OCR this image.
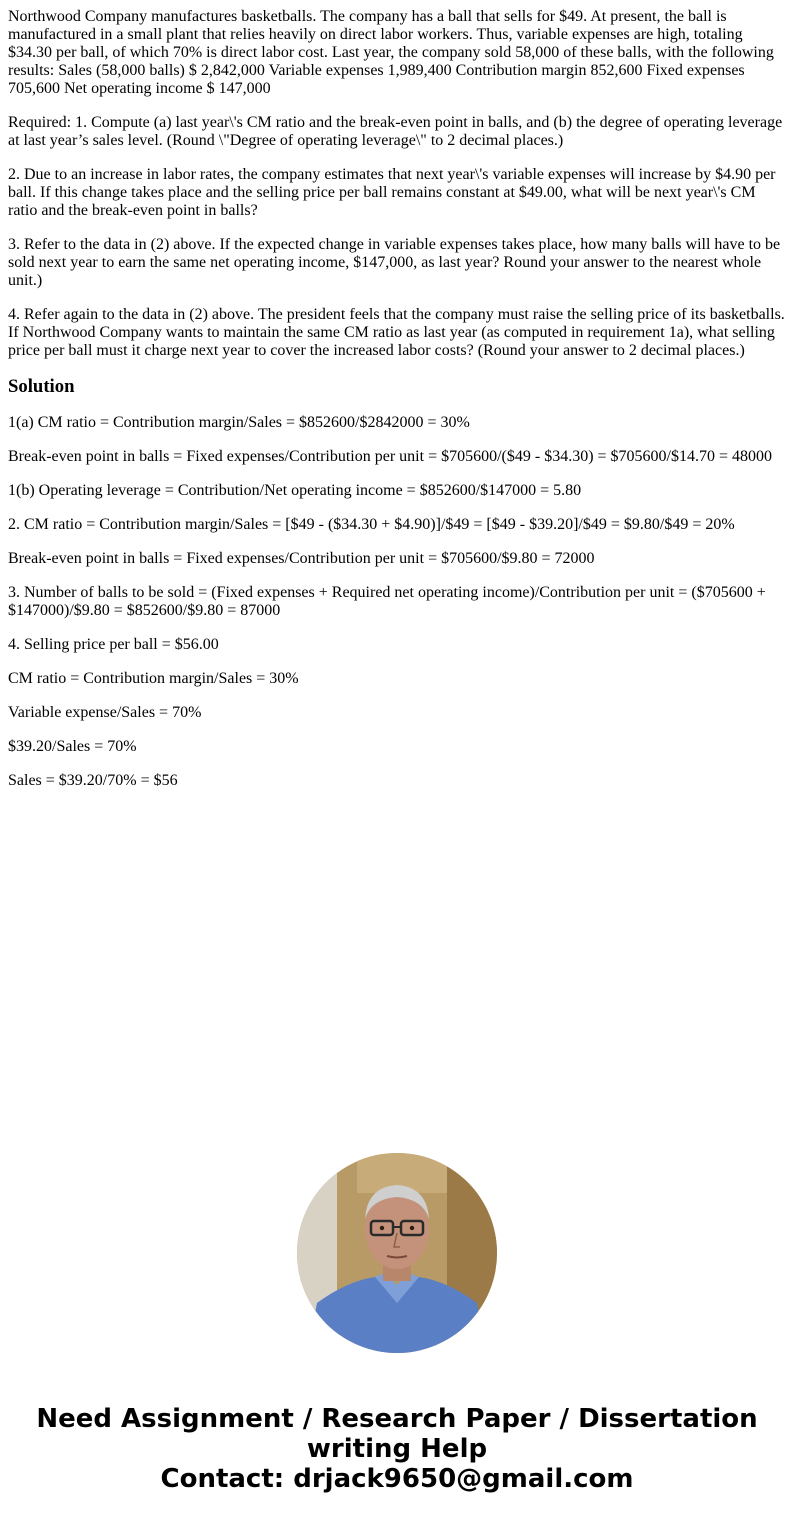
Northwood Company manufactures basketballs. The company has a ball that sells for $49. At present, the ball is manufactured in a small plant that relies heavily on direct labor workers. Thus, variable expenses are high, totaling $34.30 per ball, of which 70% is direct labor cost. Last year, the company sold 58,000 of these balls, with the following results: Sales (58,000 balls) $ 2,842,000 Variable expenses 1,989,400 Contribution margin 852,600 Fixed expenses 705,600 Net operating income $ 147,000

Required: 1. Compute (a) last year\'s CM ratio and the break-even point in balls, and (b) the degree of operating leverage at last year’s sales level. (Round \"Degree of operating leverage\" to 2 decimal places.)

2. Due to an increase in labor rates, the company estimates that next year\'s variable expenses will increase by $4.90 per ball. If this change takes place and the selling price per ball remains constant at $49.00, what will be next year\'s CM ratio and the break-even point in balls?

3. Refer to the data in (2) above. If the expected change in variable expenses takes place, how many balls will have to be sold next year to earn the same net operating income, $147,000, as last year? Round your answer to the nearest whole unit.)

4. Refer again to the data in (2) above. The president feels that the company must raise the selling price of its basketballs. If Northwood Company wants to maintain the same CM ratio as last year (as computed in requirement 1a), what selling price per ball must it charge next year to cover the increased labor costs? (Round your answer to 2 decimal places.)

Solution

1(a) CM ratio = Contribution margin/Sales = $852600/$2842000 = 30%

Break-even point in balls = Fixed expenses/Contribution per unit = $705600/($49 - $34.30) = $705600/$14.70 = 48000

1(b) Operating leverage = Contribution/Net operating income = $852600/$147000 = 5.80

2. CM ratio = Contribution margin/Sales = [$49 - ($34.30 + $4.90)]/$49 = [$49 - $39.20]/$49 = $9.80/$49 = 20%

Break-even point in balls = Fixed expenses/Contribution per unit = $705600/$9.80 = 72000

3. Number of balls to be sold = (Fixed expenses + Required net operating income)/Contribution per unit = ($705600 + $147000)/$9.80 = $852600/$9.80 = 87000

4. Selling price per ball = $56.00

CM ratio = Contribution margin/Sales = 30%

Variable expense/Sales = 70%

$39.20/Sales = 70%

Sales = $39.20/70% = $56

Need Assignment / Research Paper / Dissertation
writing Help
Contact: drjack9650@gmail.com
